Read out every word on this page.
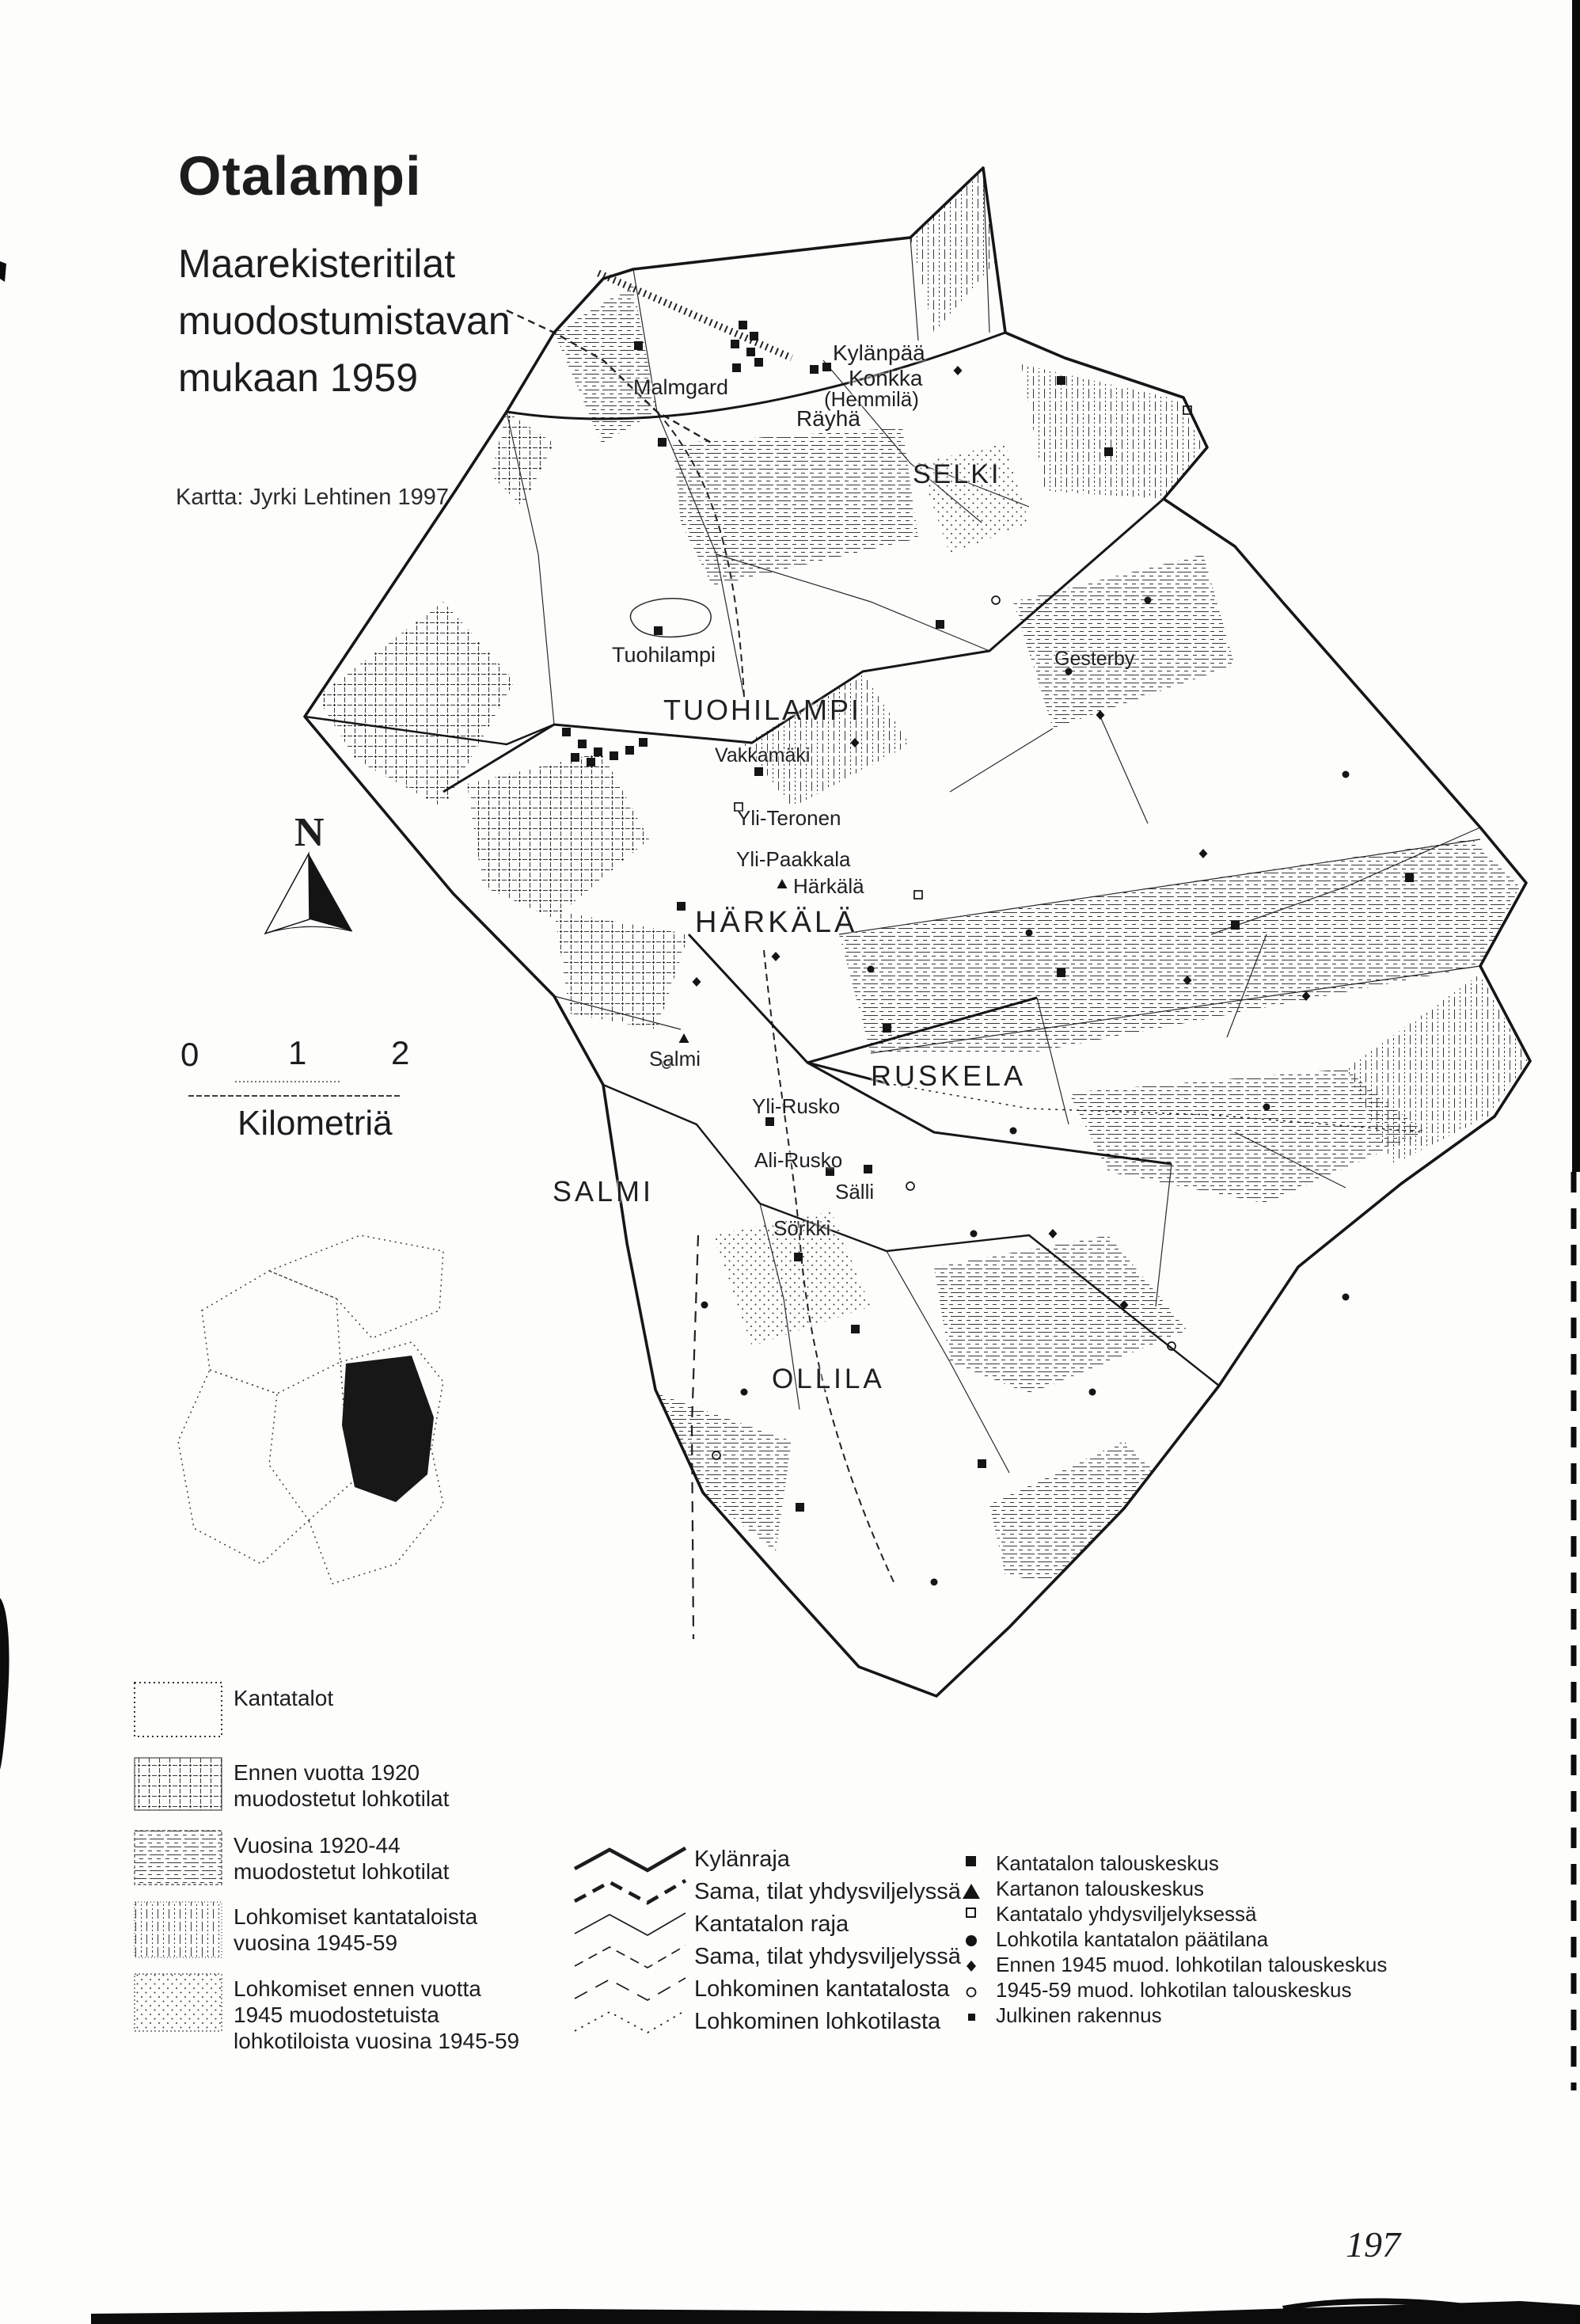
Otalampi
Maarekisteritilat
muodostumistavan
mukaan 1959
Kartta: Jyrki Lehtinen 1997
N
0	1	2
Kilometriä
Malmgard
Kylänpää
Konkka
(Hemmilä)
Räyhä
SELKI
Tuohilampi	Gesterby
TUOHILAMPI
Vakkamäki
Yli-Teronen
Yli-Paakkala
Härkälä
HÄRKÄLÄ
Salmi
RUSKELA
Yli-Rusko
Ali-Rusko
Sälli
Sörkki
SALMI
OLLILA
Kantatalot
Ennen vuotta 1920
muodostetut lohkotilat
Vuosina 1920-44
muodostetut lohkotilat
Lohkomiset kantataloista
vuosina 1945-59
Lohkomiset ennen vuotta
1945 muodostetuista
lohkotiloista vuosina 1945-59
Kylänraja
Sama, tilat yhdysviljelyssä
Kantatalon raja
Sama, tilat yhdysviljelyssä
Lohkominen kantatalosta
Lohkominen lohkotilasta
Kantatalon talouskeskus
Kartanon talouskeskus
Kantatalo yhdysviljelyksessä
Lohkotila kantatalon päätilana
Ennen 1945 muod. lohkotilan talouskeskus
1945-59 muod. lohkotilan talouskeskus
Julkinen rakennus
197
